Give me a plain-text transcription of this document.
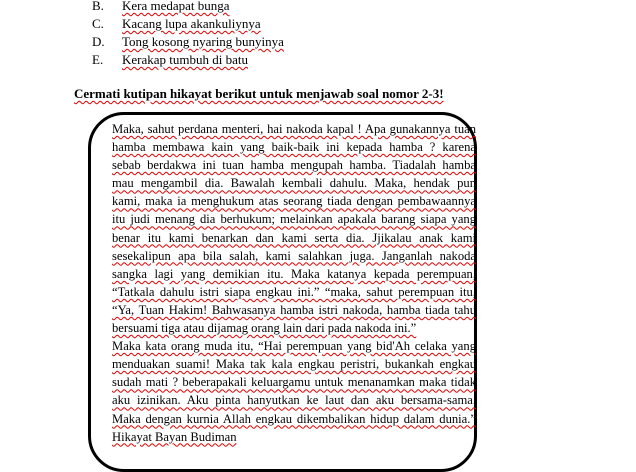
B. Kera medapat bunga
C. Kacang lupa akankuliynya
D. Tong kosong nyaring bunyinya
E. Kerakap tumbuh di batu
Cermati kutipan hikayat berikut untuk menjawab soal nomor 2-3!
Maka, sahut perdana menteri, hai nakoda kapal ! Apa gunakannya tuan
hamba membawa kain yang baik-baik ini kepada hamba ? karena
sebab berdakwa ini tuan hamba mengupah hamba. Tiadalah hamba
mau mengambil dia. Bawalah kembali dahulu. Maka, hendak pun
kami, maka ia menghukum atas seorang tiada dengan pembawaannya
itu judi menang dia berhukum; melainkan apakala barang siapa yang
benar itu kami benarkan dan kami serta dia. Jjikalau anak kami
sesekalipun apa bila salah, kami salahkan juga. Janganlah nakoda
sangka lagi yang demikian itu. Maka katanya kepada perempuan,
“Tatkala dahulu istri siapa engkau ini.” “maka, sahut perempuan itu,
“Ya, Tuan Hakim! Bahwasanya hamba istri nakoda, hamba tiada tahu
bersuami tiga atau dijamag orang lain dari pada nakoda ini.”
Maka kata orang muda itu, “Hai perempuan yang bid'Ah celaka yang
menduakan suami! Maka tak kala engkau peristri, bukankah engkau
sudah mati ? beberapakali keluargamu untuk menanamkan maka tidak
aku izinikan. Aku pinta hanyutkan ke laut dan aku bersama-sama.
Maka dengan kurnia Allah engkau dikembalikan hidup dalam dunia.”
Hikayat Bayan Budiman
